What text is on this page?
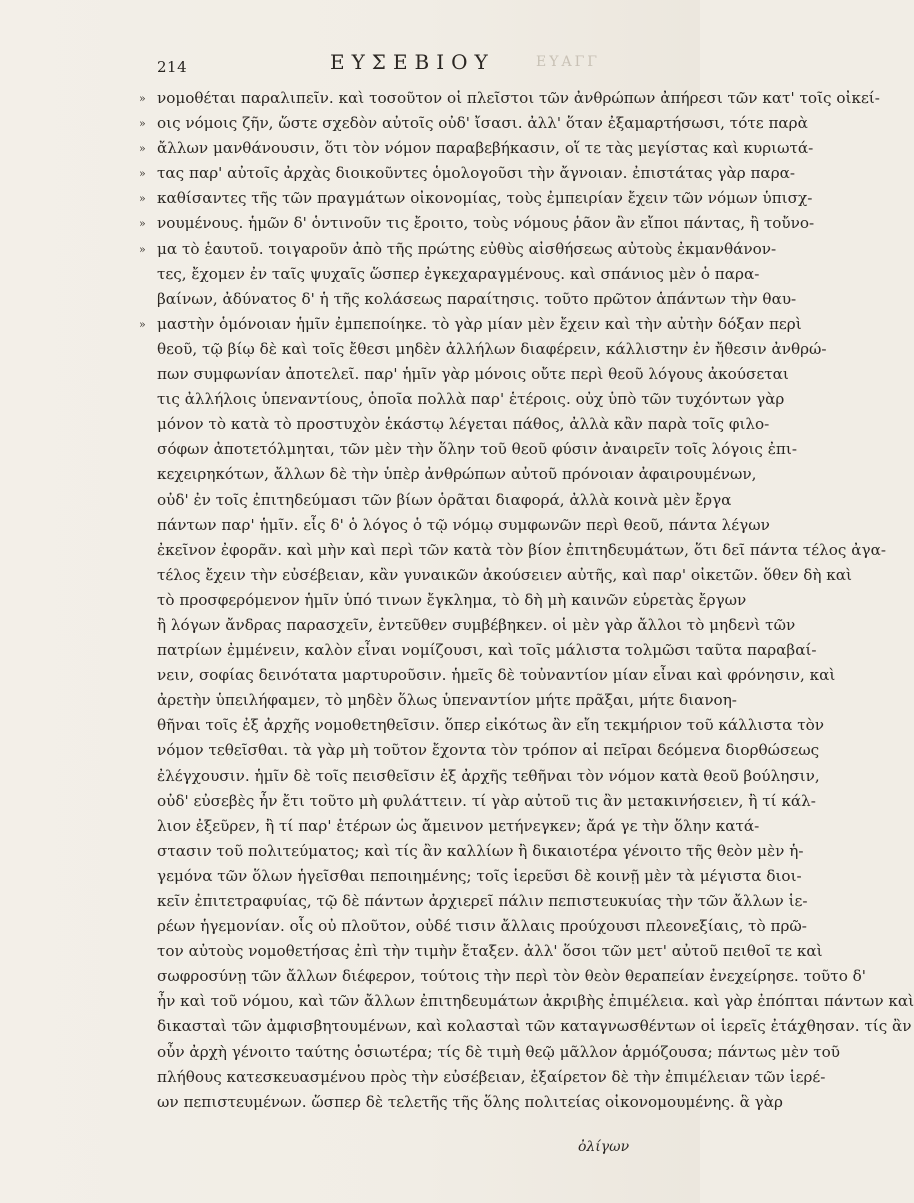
214	ΕΥΣΕΒΙΟΥ	ΕΥΑΓΓ
» νομοθέται παραλιπεῖν. καὶ τοσοῦτον οἱ πλεῖστοι τῶν ἀνθρώπων ἀπήρεσι τῶν κατ' τοῖς οἰκεί-
» οις νόμοις ζῆν, ὥστε σχεδὸν αὐτοῖς οὐδ' ἴσασι. ἀλλ' ὅταν ἐξαμαρτήσωσι, τότε παρὰ
» ἄλλων μανθάνουσιν, ὅτι τὸν νόμον παραβεβήκασιν, οἵ τε τὰς μεγίστας καὶ κυριωτά-
» τας παρ' αὐτοῖς ἀρχὰς διοικοῦντες ὁμολογοῦσι τὴν ἄγνοιαν. ἐπιστάτας γὰρ παρα-
» καθίσαντες τῆς τῶν πραγμάτων οἰκονομίας, τοὺς ἐμπειρίαν ἔχειν τῶν νόμων ὑπισχ-
» νουμένους. ἡμῶν δ' ὁντινοῦν τις ἔροιτο, τοὺς νόμους ῥᾶον ἂν εἴποι πάντας, ἢ τοὔνο-
» μα τὸ ἑαυτοῦ. τοιγαροῦν ἀπὸ τῆς πρώτης εὐθὺς αἰσθήσεως αὐτοὺς ἐκμανθάνον-
τες, ἔχομεν ἐν ταῖς ψυχαῖς ὥσπερ ἐγκεχαραγμένους. καὶ σπάνιος μὲν ὁ παρα-
βαίνων, ἀδύνατος δ' ἡ τῆς κολάσεως παραίτησις. τοῦτο πρῶτον ἁπάντων τὴν θαυ-
» μαστὴν ὁμόνοιαν ἡμῖν ἐμπεποίηκε. τὸ γὰρ μίαν μὲν ἔχειν καὶ τὴν αὐτὴν δόξαν περὶ
θεοῦ, τῷ βίῳ δὲ καὶ τοῖς ἔθεσι μηδὲν ἀλλήλων διαφέρειν, κάλλιστην ἐν ἤθεσιν ἀνθρώ-
πων συμφωνίαν ἀποτελεῖ. παρ' ἡμῖν γὰρ μόνοις οὔτε περὶ θεοῦ λόγους ἀκούσεται
τις ἀλλήλοις ὑπεναντίους, ὁποῖα πολλὰ παρ' ἑτέροις. οὐχ ὑπὸ τῶν τυχόντων γὰρ
μόνον τὸ κατὰ τὸ προστυχὸν ἑκάστῳ λέγεται πάθος, ἀλλὰ κἂν παρὰ τοῖς φιλο-
σόφων ἀποτετόλμηται, τῶν μὲν τὴν ὅλην τοῦ θεοῦ φύσιν ἀναιρεῖν τοῖς λόγοις ἐπι-
κεχειρηκότων, ἄλλων δὲ τὴν ὑπὲρ ἀνθρώπων αὐτοῦ πρόνοιαν ἀφαιρουμένων,
οὐδ' ἐν τοῖς ἐπιτηδεύμασι τῶν βίων ὁρᾶται διαφορά, ἀλλὰ κοινὰ μὲν ἔργα
πάντων παρ' ἡμῖν. εἷς δ' ὁ λόγος ὁ τῷ νόμῳ συμφωνῶν περὶ θεοῦ, πάντα λέγων
ἐκεῖνον ἐφορᾶν. καὶ μὴν καὶ περὶ τῶν κατὰ τὸν βίον ἐπιτηδευμάτων, ὅτι δεῖ πάντα τέλος ἀγα-
τέλος ἔχειν τὴν εὐσέβειαν, κἂν γυναικῶν ἀκούσειεν αὐτῆς, καὶ παρ' οἰκετῶν. ὅθεν δὴ καὶ
τὸ προσφερόμενον ἡμῖν ὑπό τινων ἔγκλημα, τὸ δὴ μὴ καινῶν εὑρετὰς ἔργων
ἢ λόγων ἄνδρας παρασχεῖν, ἐντεῦθεν συμβέβηκεν. οἱ μὲν γὰρ ἄλλοι τὸ μηδενὶ τῶν
πατρίων ἐμμένειν, καλὸν εἶναι νομίζουσι, καὶ τοῖς μάλιστα τολμῶσι ταῦτα παραβαί-
νειν, σοφίας δεινότατα μαρτυροῦσιν. ἡμεῖς δὲ τοὐναντίον μίαν εἶναι καὶ φρόνησιν, καὶ
ἀρετὴν ὑπειλήφαμεν, τὸ μηδὲν ὅλως ὑπεναντίον μήτε πρᾶξαι, μήτε διανοη-
θῆναι τοῖς ἐξ ἀρχῆς νομοθετηθεῖσιν. ὅπερ εἰκότως ἂν εἴη τεκμήριον τοῦ κάλλιστα τὸν
νόμον τεθεῖσθαι. τὰ γὰρ μὴ τοῦτον ἔχοντα τὸν τρόπον αἱ πεῖραι δεόμενα διορθώσεως
ἐλέγχουσιν. ἡμῖν δὲ τοῖς πεισθεῖσιν ἐξ ἀρχῆς τεθῆναι τὸν νόμον κατὰ θεοῦ βούλησιν,
οὐδ' εὐσεβὲς ἦν ἔτι τοῦτο μὴ φυλάττειν. τί γὰρ αὐτοῦ τις ἂν μετακινήσειεν, ἢ τί κάλ-
λιον ἐξεῦρεν, ἢ τί παρ' ἑτέρων ὡς ἄμεινον μετήνεγκεν; ἄρά γε τὴν ὅλην κατά-
στασιν τοῦ πολιτεύματος; καὶ τίς ἂν καλλίων ἢ δικαιοτέρα γένοιτο τῆς θεὸν μὲν ἡ-
γεμόνα τῶν ὅλων ἡγεῖσθαι πεποιημένης; τοῖς ἱερεῦσι δὲ κοινῇ μὲν τὰ μέγιστα διοι-
κεῖν ἐπιτετραφυίας, τῷ δὲ πάντων ἀρχιερεῖ πάλιν πεπιστευκυίας τὴν τῶν ἄλλων ἱε-
ρέων ἡγεμονίαν. οἷς οὐ πλοῦτον, οὐδέ τισιν ἄλλαις προύχουσι πλεονεξίαις, τὸ πρῶ-
τον αὐτοὺς νομοθετήσας ἐπὶ τὴν τιμὴν ἔταξεν. ἀλλ' ὅσοι τῶν μετ' αὐτοῦ πειθοῖ τε καὶ
σωφροσύνῃ τῶν ἄλλων διέφερον, τούτοις τὴν περὶ τὸν θεὸν θεραπείαν ἐνεχείρησε. τοῦτο δ'
ἦν καὶ τοῦ νόμου, καὶ τῶν ἄλλων ἐπιτηδευμάτων ἀκριβὴς ἐπιμέλεια. καὶ γὰρ ἐπόπται πάντων καὶ
δικασταὶ τῶν ἀμφισβητουμένων, καὶ κολασταὶ τῶν καταγνωσθέντων οἱ ἱερεῖς ἐτάχθησαν. τίς ἂν
οὖν ἀρχὴ γένοιτο ταύτης ὁσιωτέρα; τίς δὲ τιμὴ θεῷ μᾶλλον ἁρμόζουσα; πάντως μὲν τοῦ
πλήθους κατεσκευασμένου πρὸς τὴν εὐσέβειαν, ἐξαίρετον δὲ τὴν ἐπιμέλειαν τῶν ἱερέ-
ων πεπιστευμένων. ὥσπερ δὲ τελετῆς τῆς ὅλης πολιτείας οἰκονομουμένης. ἃ γὰρ
ὀλίγων
